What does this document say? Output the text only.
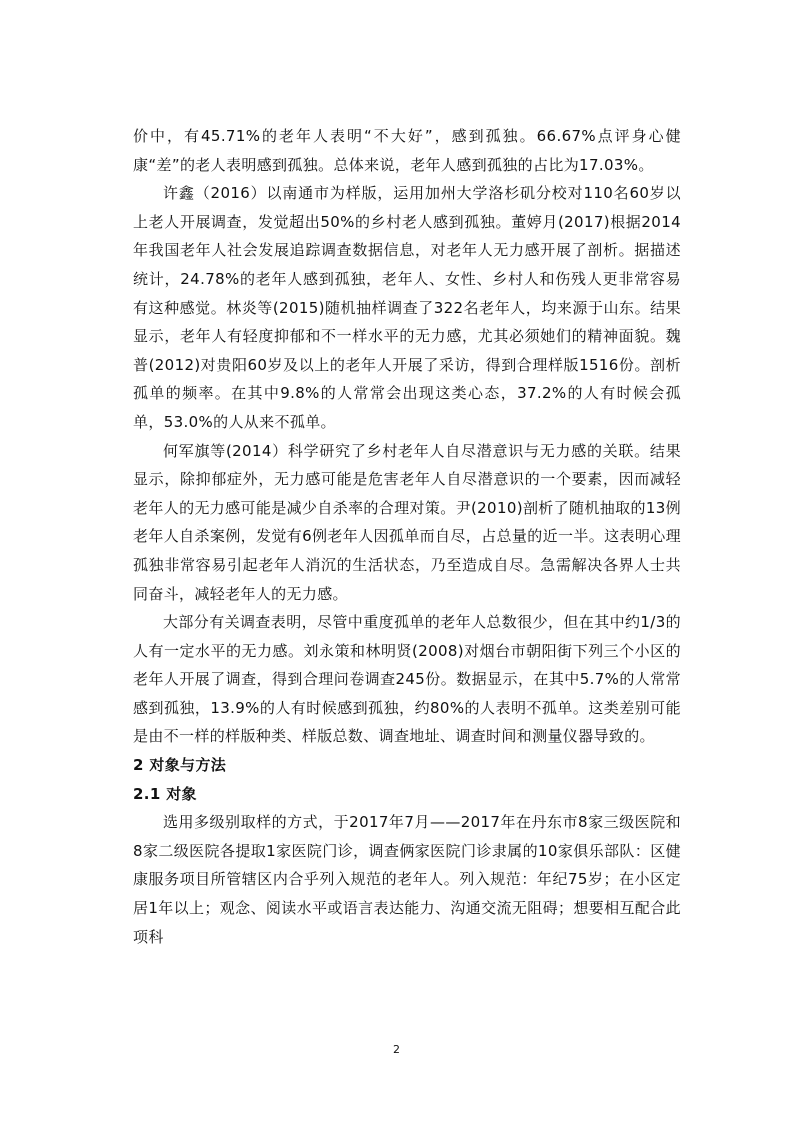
价中，有45.71%的老年人表明“不大好”，感到孤独。66.67%点评身心健康“差”的老人表明感到孤独。总体来说，老年人感到孤独的占比为17.03%。

许鑫（2016）以南通市为样版，运用加州大学洛杉矶分校对110名60岁以上老人开展调查，发觉超出50%的乡村老人感到孤独。董婷月(2017)根据2014年我国老年人社会发展追踪调查数据信息，对老年人无力感开展了剖析。据描述统计，24.78%的老年人感到孤独，老年人、女性、乡村人和伤残人更非常容易有这种感觉。林炎等(2015)随机抽样调查了322名老年人，均来源于山东。结果显示，老年人有轻度抑郁和不一样水平的无力感，尤其必须她们的精神面貌。魏普(2012)对贵阳60岁及以上的老年人开展了采访，得到合理样版1516份。剖析孤单的频率。在其中9.8%的人常常会出现这类心态，37.2%的人有时候会孤单，53.0%的人从来不孤单。

何军旗等(2014）科学研究了乡村老年人自尽潜意识与无力感的关联。结果显示，除抑郁症外，无力感可能是危害老年人自尽潜意识的一个要素，因而减轻老年人的无力感可能是减少自杀率的合理对策。尹(2010)剖析了随机抽取的13例老年人自杀案例，发觉有6例老年人因孤单而自尽，占总量的近一半。这表明心理孤独非常容易引起老年人消沉的生活状态，乃至造成自尽。急需解决各界人士共同奋斗，减轻老年人的无力感。

大部分有关调查表明，尽管中重度孤单的老年人总数很少，但在其中约1/3的人有一定水平的无力感。刘永策和林明贤(2008)对烟台市朝阳街下列三个小区的老年人开展了调查，得到合理问卷调查245份。数据显示，在其中5.7%的人常常感到孤独，13.9%的人有时候感到孤独，约80%的人表明不孤单。这类差别可能是由不一样的样版种类、样版总数、调查地址、调查时间和测量仪器导致的。

2 对象与方法

2.1 对象

选用多级别取样的方式，于2017年7月——2017年在丹东市8家三级医院和8家二级医院各提取1家医院门诊，调查俩家医院门诊隶属的10家俱乐部队：区健康服务项目所管辖区内合乎列入规范的老年人。列入规范：年纪75岁；在小区定居1年以上；观念、阅读水平或语言表达能力、沟通交流无阻碍；想要相互配合此项科

2
